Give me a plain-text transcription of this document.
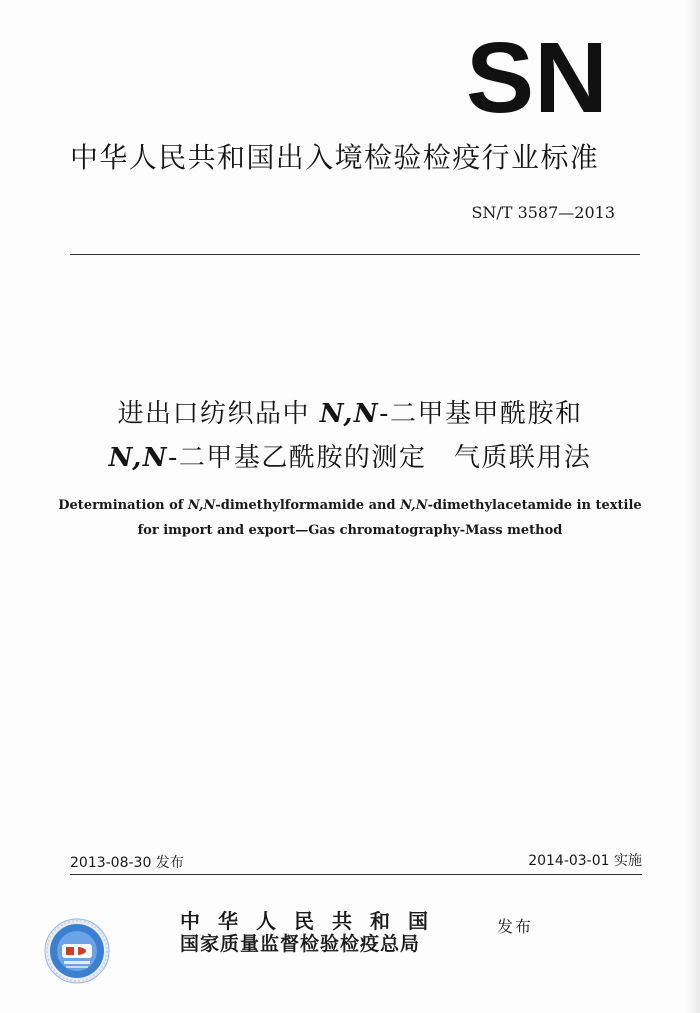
SN
中华人民共和国出入境检验检疫行业标准
SN/T 3587—2013
进出口纺织品中 N,N-二甲基甲酰胺和
N,N-二甲基乙酰胺的测定　气质联用法
Determination of N,N-dimethylformamide and N,N-dimethylacetamide in textile
for import and export—Gas chromatography-Mass method
2013-08-30 发布	2014-03-01 实施
中华人民共和国
国家质量监督检验检疫总局
发布
